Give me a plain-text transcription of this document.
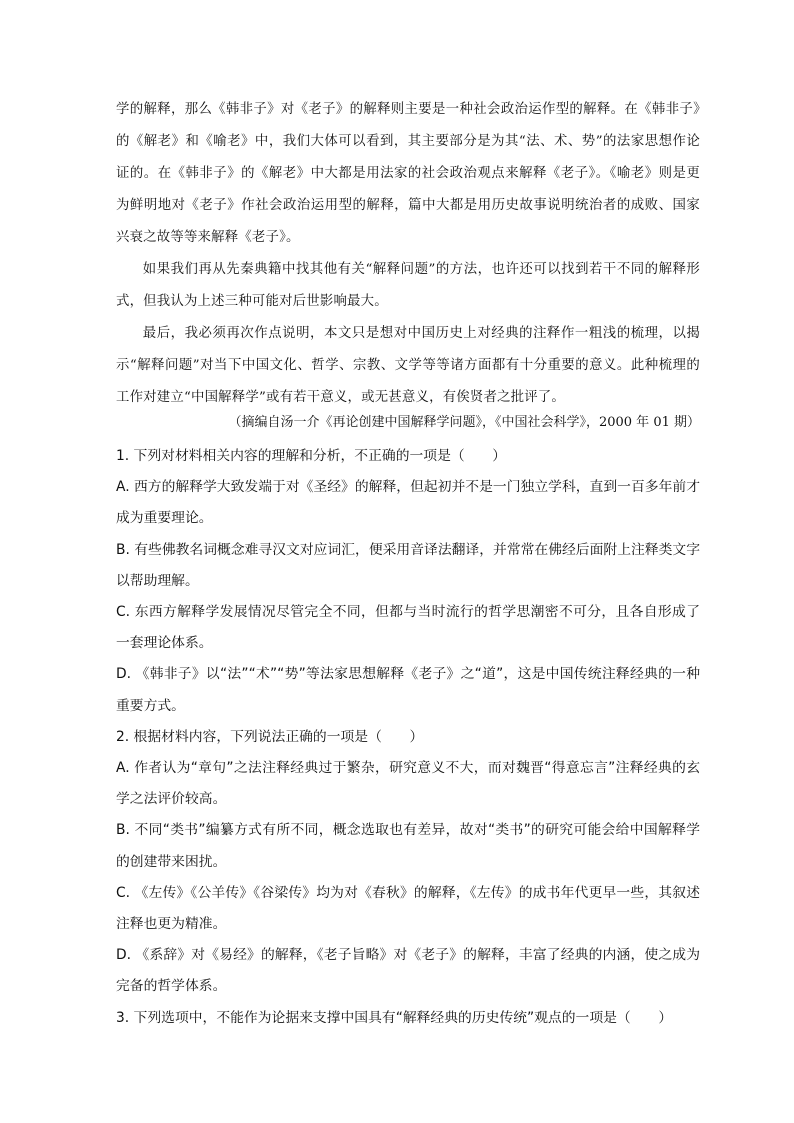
学的解释，那么《韩非子》对《老子》的解释则主要是一种社会政治运作型的解释。在《韩非子》的《解老》和《喻老》中，我们大体可以看到，其主要部分是为其“法、术、势”的法家思想作论证的。在《韩非子》的《解老》中大都是用法家的社会政治观点来解释《老子》。《喻老》则是更为鲜明地对《老子》作社会政治运用型的解释，篇中大都是用历史故事说明统治者的成败、国家兴衰之故等等来解释《老子》。

如果我们再从先秦典籍中找其他有关“解释问题”的方法，也许还可以找到若干不同的解释形式，但我认为上述三种可能对后世影响最大。

最后，我必须再次作点说明，本文只是想对中国历史上对经典的注释作一粗浅的梳理，以揭示“解释问题”对当下中国文化、哲学、宗教、文学等等诸方面都有十分重要的意义。此种梳理的工作对建立“中国解释学”或有若干意义，或无甚意义，有俟贤者之批评了。

（摘编自汤一介《再论创建中国解释学问题》，《中国社会科学》，2000 年 01 期）

1. 下列对材料相关内容的理解和分析，不正确的一项是（　　）

A. 西方的解释学大致发端于对《圣经》的解释，但起初并不是一门独立学科，直到一百多年前才成为重要理论。

B. 有些佛教名词概念难寻汉文对应词汇，便采用音译法翻译，并常常在佛经后面附上注释类文字以帮助理解。

C. 东西方解释学发展情况尽管完全不同，但都与当时流行的哲学思潮密不可分，且各自形成了一套理论体系。

D. 《韩非子》以“法”“术”“势”等法家思想解释《老子》之“道”，这是中国传统注释经典的一种重要方式。

2. 根据材料内容，下列说法正确的一项是（　　）

A. 作者认为“章句”之法注释经典过于繁杂，研究意义不大，而对魏晋“得意忘言”注释经典的玄学之法评价较高。

B. 不同“类书”编纂方式有所不同，概念选取也有差异，故对“类书”的研究可能会给中国解释学的创建带来困扰。

C. 《左传》《公羊传》《谷梁传》均为对《春秋》的解释，《左传》的成书年代更早一些，其叙述注释也更为精准。

D. 《系辞》对《易经》的解释，《老子旨略》对《老子》的解释，丰富了经典的内涵，使之成为完备的哲学体系。

3. 下列选项中，不能作为论据来支撑中国具有“解释经典的历史传统”观点的一项是（　　）
